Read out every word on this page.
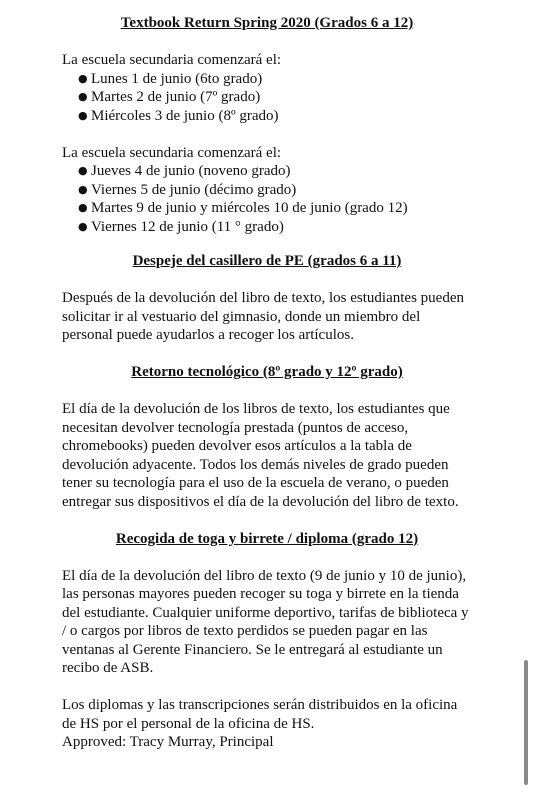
Textbook Return Spring 2020 (Grados 6 a 12)

La escuela secundaria comenzará el:

● Lunes 1 de junio (6to grado)
● Martes 2 de junio (7º grado)
● Miércoles 3 de junio (8º grado)

La escuela secundaria comenzará el:

● Jueves 4 de junio (noveno grado)
● Viernes 5 de junio (décimo grado)
● Martes 9 de junio y miércoles 10 de junio (grado 12)
● Viernes 12 de junio (11 ° grado)

Despeje del casillero de PE (grados 6 a 11)

Después de la devolución del libro de texto, los estudiantes pueden solicitar ir al vestuario del gimnasio, donde un miembro del personal puede ayudarlos a recoger los artículos.

Retorno tecnológico (8º grado y 12º grado)

El día de la devolución de los libros de texto, los estudiantes que necesitan devolver tecnología prestada (puntos de acceso, chromebooks) pueden devolver esos artículos a la tabla de devolución adyacente. Todos los demás niveles de grado pueden tener su tecnología para el uso de la escuela de verano, o pueden entregar sus dispositivos el día de la devolución del libro de texto.

Recogida de toga y birrete / diploma (grado 12)

El día de la devolución del libro de texto (9 de junio y 10 de junio), las personas mayores pueden recoger su toga y birrete en la tienda del estudiante. Cualquier uniforme deportivo, tarifas de biblioteca y / o cargos por libros de texto perdidos se pueden pagar en las ventanas al Gerente Financiero. Se le entregará al estudiante un recibo de ASB.

Los diplomas y las transcripciones serán distribuidos en la oficina de HS por el personal de la oficina de HS.

Approved: Tracy Murray, Principal
